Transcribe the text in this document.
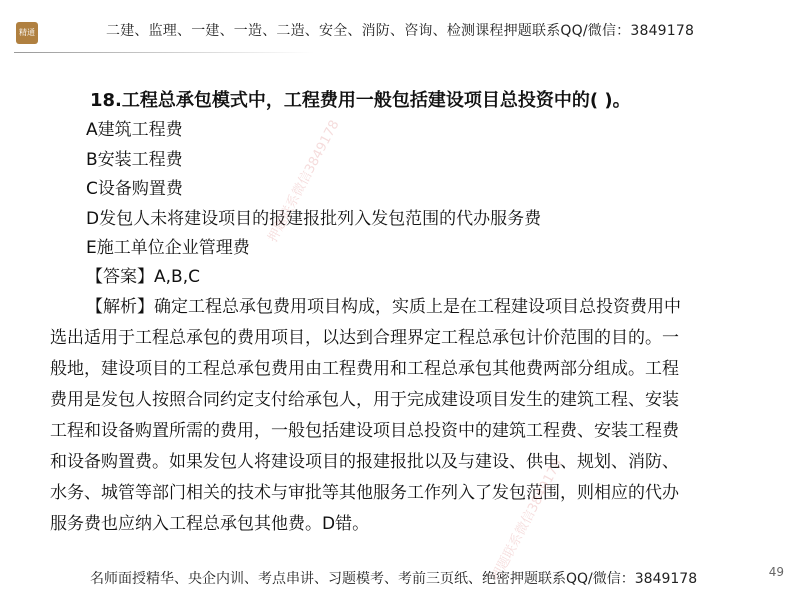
精通	二建、监理、一建、一造、二造、安全、消防、咨询、检测课程押题联系QQ/微信：3849178
18.工程总承包模式中，工程费用一般包括建设项目总投资中的( )。
A建筑工程费
B安装工程费
C设备购置费
D发包人未将建设项目的报建报批列入发包范围的代办服务费
E施工单位企业管理费
【答案】A,B,C
【解析】确定工程总承包费用项目构成，实质上是在工程建设项目总投资费用中
选出适用于工程总承包的费用项目，以达到合理界定工程总承包计价范围的目的。一
般地，建设项目的工程总承包费用由工程费用和工程总承包其他费两部分组成。工程
费用是发包人按照合同约定支付给承包人，用于完成建设项目发生的建筑工程、安装
工程和设备购置所需的费用，一般包括建设项目总投资中的建筑工程费、安装工程费
和设备购置费。如果发包人将建设项目的报建报批以及与建设、供电、规划、消防、
水务、城管等部门相关的技术与审批等其他服务工作列入了发包范围，则相应的代办
服务费也应纳入工程总承包其他费。D错。
押题联系微信3849178
押题联系微信3849178
名师面授精华、央企内训、考点串讲、习题模考、考前三页纸、绝密押题联系QQ/微信：3849178	49
